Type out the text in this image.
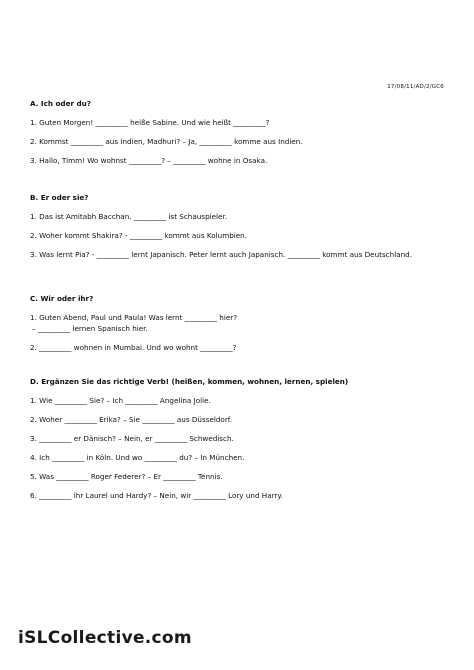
17/08/11/AD/2/GC6
A. Ich oder du?
1. Guten Morgen! _________ heiße Sabine. Und wie heißt _________?
2. Kommst _________ aus Indien, Madhuri? – Ja, _________ komme aus Indien.
3. Hallo, Timm! Wo wohnst _________? – _________ wohne in Osaka.
B. Er oder sie?
1. Das ist Amitabh Bacchan. _________ ist Schauspieler.
2. Woher kommt Shakira? - _________ kommt aus Kolumbien.
3. Was lernt Pia? - _________ lernt Japanisch. Peter lernt auch Japanisch. _________ kommt aus Deutschland.
C. Wir oder ihr?
1. Guten Abend, Paul und Paula! Was lernt _________ hier?
– _________ lernen Spanisch hier.
2. _________ wohnen in Mumbai. Und wo wohnt _________?
D. Ergänzen Sie das richtige Verb! (heißen, kommen, wohnen, lernen, spielen)
1. Wie _________ Sie? – Ich _________ Angelina Jolie.
2. Woher _________ Erika? – Sie _________ aus Düsseldorf.
3. _________ er Dänisch? – Nein, er _________ Schwedisch.
4. Ich _________ in Köln. Und wo _________ du? – In München.
5. Was _________ Roger Federer? – Er _________ Tennis.
6. _________ ihr Laurel und Hardy? – Nein, wir _________ Lory und Harry.
iSLCollective.com
